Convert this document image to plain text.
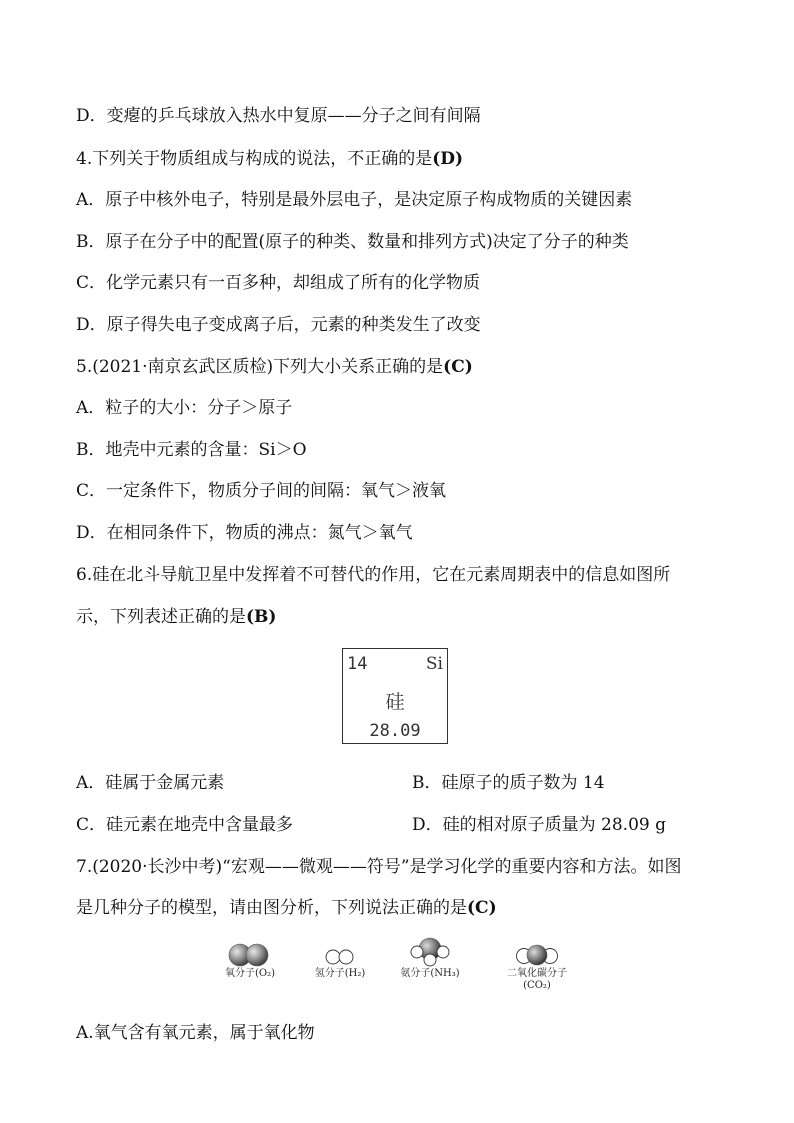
D．变瘪的乒乓球放入热水中复原——分子之间有间隔
4.下列关于物质组成与构成的说法，不正确的是(D)
A．原子中核外电子，特别是最外层电子，是决定原子构成物质的关键因素
B．原子在分子中的配置(原子的种类、数量和排列方式)决定了分子的种类
C．化学元素只有一百多种，却组成了所有的化学物质
D．原子得失电子变成离子后，元素的种类发生了改变
5.(2021·南京玄武区质检)下列大小关系正确的是(C)
A．粒子的大小：分子＞原子
B．地壳中元素的含量：Si＞O
C．一定条件下，物质分子间的间隔：氧气＞液氧
D．在相同条件下，物质的沸点：氮气＞氧气
6.硅在北斗导航卫星中发挥着不可替代的作用，它在元素周期表中的信息如图所
示，下列表述正确的是(B)
14	Si
硅
28.09
A．硅属于金属元素	B．硅原子的质子数为 14
C．硅元素在地壳中含量最多	D．硅的相对原子质量为 28.09 g
7.(2020·长沙中考)“宏观——微观——符号”是学习化学的重要内容和方法。如图
是几种分子的模型，请由图分析，下列说法正确的是(C)
氧分子(O₂)	氢分子(H₂)	氨分子(NH₃)	二氧化碳分子
(CO₂)
A.氧气含有氧元素，属于氧化物
